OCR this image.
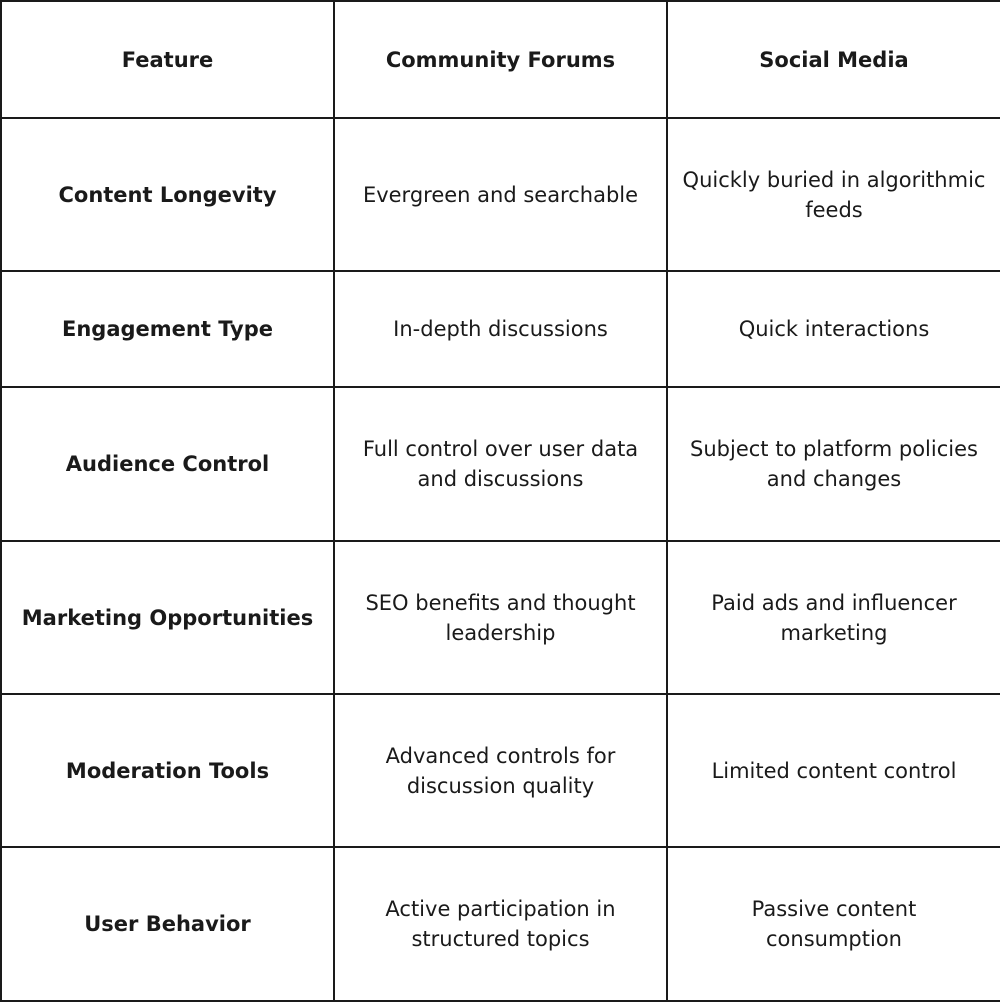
Feature	Community Forums	Social Media
Content Longevity	Evergreen and searchable	Quickly buried in algorithmic feeds
Engagement Type	In-depth discussions	Quick interactions
Audience Control	Full control over user data and discussions	Subject to platform policies and changes
Marketing Opportunities	SEO benefits and thought leadership	Paid ads and influencer marketing
Moderation Tools	Advanced controls for discussion quality	Limited content control
User Behavior	Active participation in structured topics	Passive content consumption
